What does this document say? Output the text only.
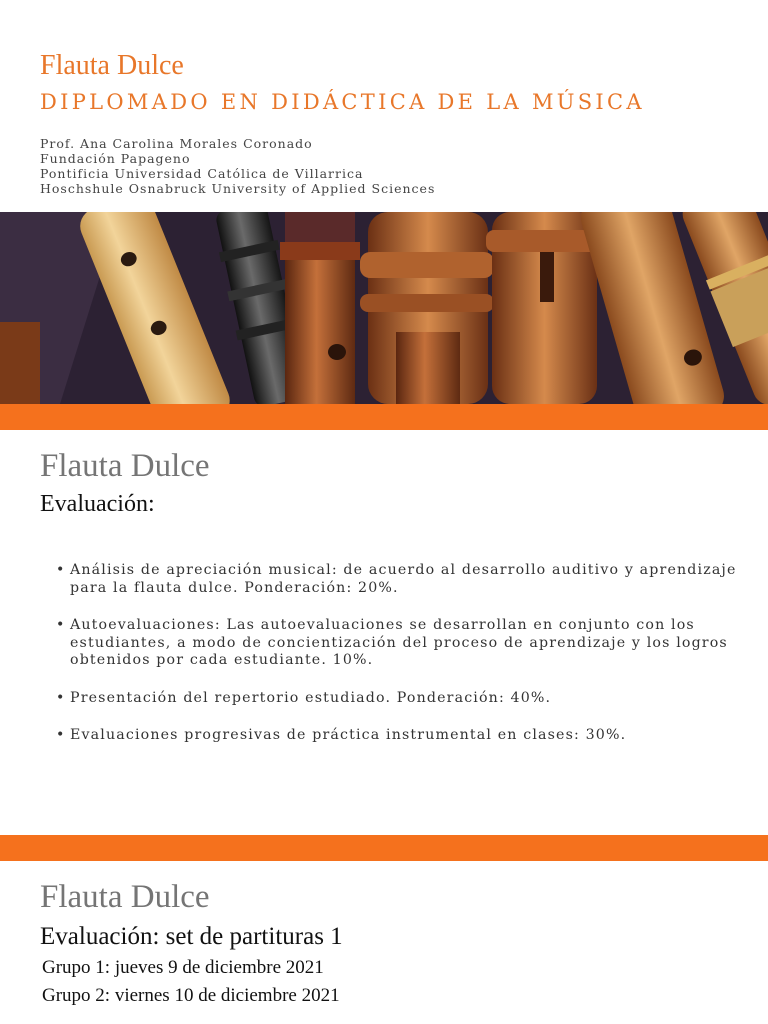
Flauta Dulce
DIPLOMADO EN DIDÁCTICA DE LA MÚSICA
Prof. Ana Carolina Morales Coronado
Fundación Papageno
Pontificia Universidad Católica de Villarrica
Hoschshule Osnabruck University of Applied Sciences
Flauta Dulce
Evaluación:
• Análisis de apreciación musical: de acuerdo al desarrollo auditivo y aprendizaje para la flauta dulce. Ponderación: 20%.
• Autoevaluaciones: Las autoevaluaciones se desarrollan en conjunto con los estudiantes, a modo de concientización del proceso de aprendizaje y los logros obtenidos por cada estudiante. 10%.
• Presentación del repertorio estudiado. Ponderación: 40%.
• Evaluaciones progresivas de práctica instrumental en clases: 30%.
Flauta Dulce
Evaluación: set de partituras 1
Grupo 1: jueves 9 de diciembre 2021
Grupo 2: viernes 10 de diciembre 2021
